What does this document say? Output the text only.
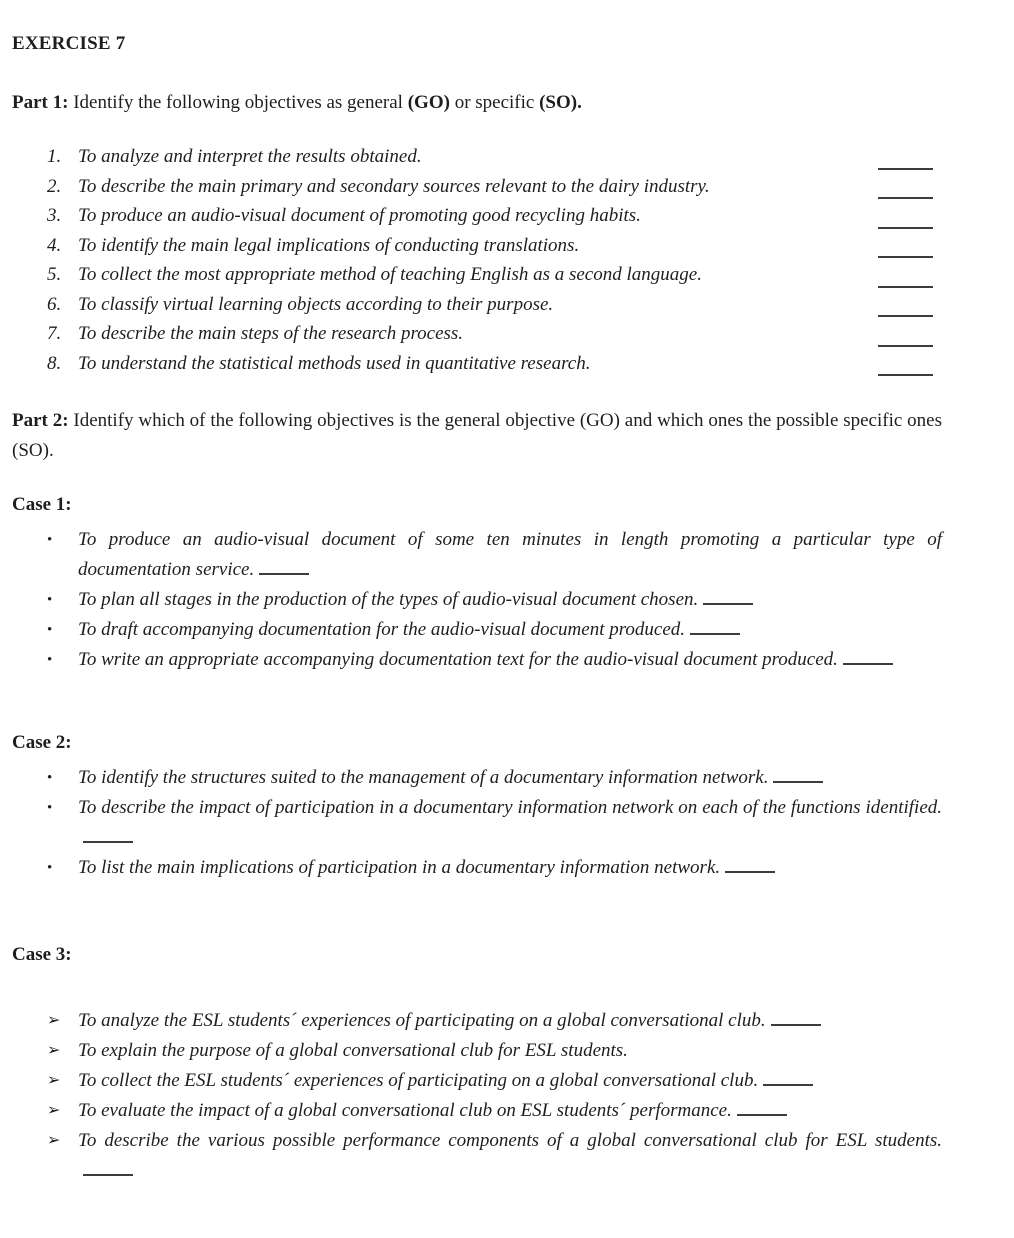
EXERCISE 7
Part 1: Identify the following objectives as general (GO) or specific (SO).
1. To analyze and interpret the results obtained.
2. To describe the main primary and secondary sources relevant to the dairy industry.
3. To produce an audio-visual document of promoting good recycling habits.
4. To identify the main legal implications of conducting translations.
5. To collect the most appropriate method of teaching English as a second language.
6. To classify virtual learning objects according to their purpose.
7. To describe the main steps of the research process.
8. To understand the statistical methods used in quantitative research.
Part 2: Identify which of the following objectives is the general objective (GO) and which ones the possible specific ones (SO).
Case 1:
•	To produce an audio-visual document of some ten minutes in length promoting a particular type of documentation service.
•	To plan all stages in the production of the types of audio-visual document chosen.
•	To draft accompanying documentation for the audio-visual document produced.
•	To write an appropriate accompanying documentation text for the audio-visual document produced.
Case 2:
•	To identify the structures suited to the management of a documentary information network.
•	To describe the impact of participation in a documentary information network on each of the functions identified.
•	To list the main implications of participation in a documentary information network.
Case 3:
➢ To analyze the ESL students´ experiences of participating on a global conversational club.
➢ To explain the purpose of a global conversational club for ESL students.
➢ To collect the ESL students´ experiences of participating on a global conversational club.
➢ To evaluate the impact of a global conversational club on ESL students´ performance.
➢ To describe the various possible performance components of a global conversational club for ESL students.
